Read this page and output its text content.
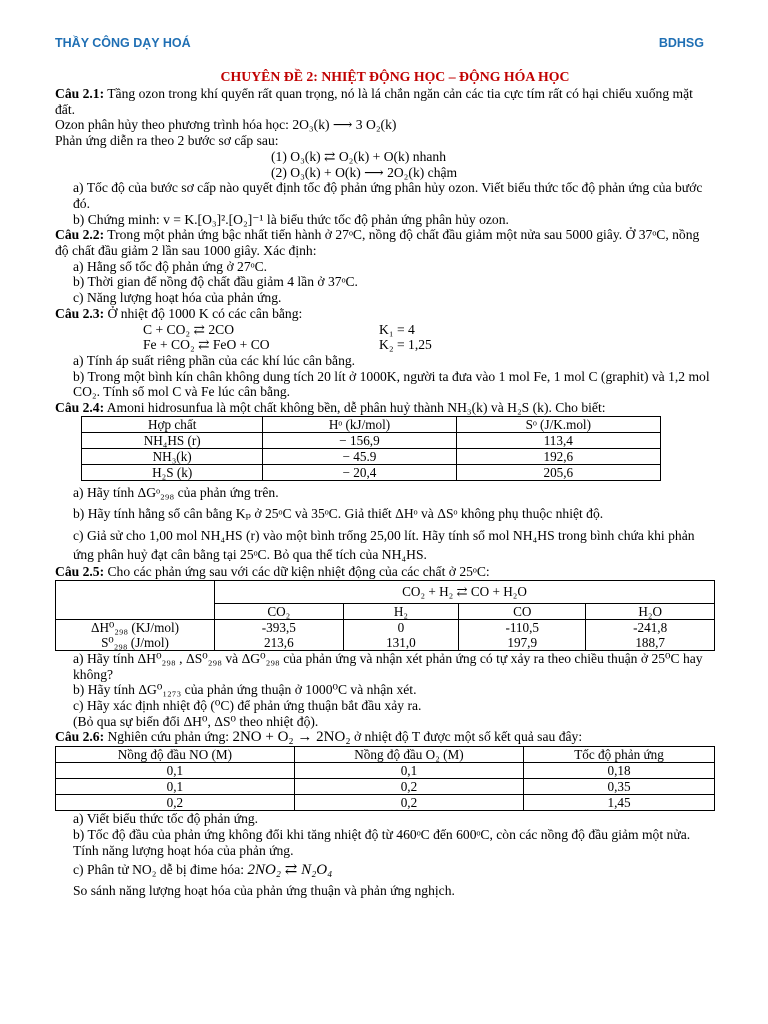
THẦY CÔNG DẠY HOÁ	BDHSG
CHUYÊN ĐỀ 2: NHIỆT ĐỘNG HỌC – ĐỘNG HÓA HỌC

Câu 2.1: Tầng ozon trong khí quyển rất quan trọng, nó là lá chắn ngăn cản các tia cực tím rất có hại chiếu xuống mặt đất.

Ozon phân hủy theo phương trình hóa học: 2O₃(k) ⟶ 3 O₂(k)

Phản ứng diễn ra theo 2 bước sơ cấp sau:

(1) O₃(k) ⇄ O₂(k) + O(k) nhanh

(2) O₃(k) + O(k) ⟶ 2O₂(k) chậm

a) Tốc độ của bước sơ cấp nào quyết định tốc độ phản ứng phân hủy ozon. Viết biểu thức tốc độ phản ứng của bước đó.

b) Chứng minh: v = K.[O₃]².[O₂]⁻¹ là biểu thức tốc độ phản ứng phân hủy ozon.

Câu 2.2: Trong một phản ứng bậc nhất tiến hành ở 27ᵒC, nồng độ chất đầu giảm một nửa sau 5000 giây. Ở 37ᵒC, nồng độ chất đầu giảm 2 lần sau 1000 giây. Xác định:

a) Hằng số tốc độ phản ứng ở 27ᵒC.

b) Thời gian để nồng độ chất đầu giảm 4 lần ở 37ᵒC.

c) Năng lượng hoạt hóa của phản ứng.

Câu 2.3: Ở nhiệt độ 1000 K có các cân bằng:

C + CO₂ ⇄ 2CO	K₁ = 4
Fe + CO₂ ⇄ FeO + CO	K₂ = 1,25

a) Tính áp suất riêng phần của các khí lúc cân bằng.

b) Trong một bình kín chân không dung tích 20 lít ở 1000K, người ta đưa vào 1 mol Fe, 1 mol C (graphit) và 1,2 mol CO₂. Tính số mol C và Fe lúc cân bằng.

Câu 2.4: Amoni hidrosunfua là một chất không bền, dễ phân huỷ thành NH₃(k) và H₂S (k). Cho biết:

Hợp chất	Hᵒ (kJ/mol)	Sᵒ (J/K.mol)
NH₄HS (r)	− 156,9	113,4
NH₃(k)	− 45.9	192,6
H₂S (k)	− 20,4	205,6

a) Hãy tính ΔGᵒ₂₉₈ của phản ứng trên.

b) Hãy tính hằng số cân bằng Kₚ ở 25ᵒC và 35ᵒC. Giả thiết ΔHᵒ và ΔSᵒ không phụ thuộc nhiệt độ.

c) Giả sử cho 1,00 mol NH₄HS (r) vào một bình trống 25,00 lít. Hãy tính số mol NH₄HS trong bình chứa khi phản ứng phân huỷ đạt cân bằng tại 25ᵒC. Bỏ qua thể tích của NH₄HS.

Câu 2.5: Cho các phản ứng sau với các dữ kiện nhiệt động của các chất ở 25ᵒC:

	CO₂ + H₂ ⇄ CO + H₂O			
	CO₂	H₂	CO	H₂O
ΔH⁰₂₉₈ (KJ/mol)	-393,5	0	-110,5	-241,8
S⁰₂₉₈ (J/mol)	213,6	131,0	197,9	188,7

a) Hãy tính ΔH⁰₂₉₈ , ΔS⁰₂₉₈ và ΔG⁰₂₉₈ của phản ứng và nhận xét phản ứng có tự xảy ra theo chiều thuận ở 25⁰C hay không?

b) Hãy tính ΔG⁰₁₂₇₃ của phản ứng thuận ở 1000⁰C và nhận xét.

c) Hãy xác định nhiệt độ (⁰C) để phản ứng thuận bắt đầu xảy ra.

(Bỏ qua sự biến đổi ΔH⁰, ΔS⁰ theo nhiệt độ).

Câu 2.6: Nghiên cứu phản ứng: 2NO + O₂ → 2NO₂ ở nhiệt độ T được một số kết quả sau đây:

Nồng độ đầu NO (M)	Nồng độ đầu O₂ (M)	Tốc độ phản ứng
0,1	0,1	0,18
0,1	0,2	0,35
0,2	0,2	1,45

a) Viết biểu thức tốc độ phản ứng.

b) Tốc độ đầu của phản ứng không đổi khi tăng nhiệt độ từ 460ᵒC đến 600ᵒC, còn các nồng độ đầu giảm một nửa. Tính năng lượng hoạt hóa của phản ứng.

c) Phân tử NO₂ dễ bị đime hóa: 2NO₂ ⇄ N₂O₄

So sánh năng lượng hoạt hóa của phản ứng thuận và phản ứng nghịch.
